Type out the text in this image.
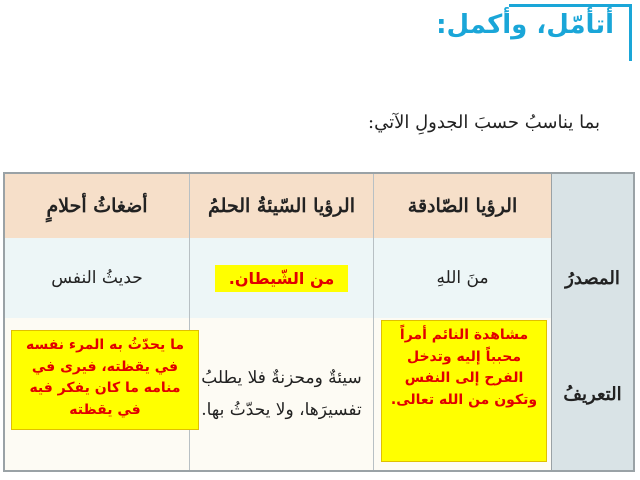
أتأمّل، وأكمل:
بما يناسبُ حسبَ الجدولِ الآتي:
الرؤيا الصّادقة
الرؤيا السّيئةُ الحلمُ
أضغاثُ أحلامٍ
المصدرُ
منَ اللهِ
من الشّيطان.
حديثُ النفس
التعريفُ
سيئةٌ ومحزنةٌ فلا يطلبُ تفسيرَها، ولا يحدّثُ بها.
ما يحدّثُ به المرء نفسه في يقظته، فيرى في منامه ما كان يفكر فيه في يقظته
مشاهدة النائم أمراً محبباً إليه وتدخل الفرح إلى النفس وتكون من الله تعالى.
